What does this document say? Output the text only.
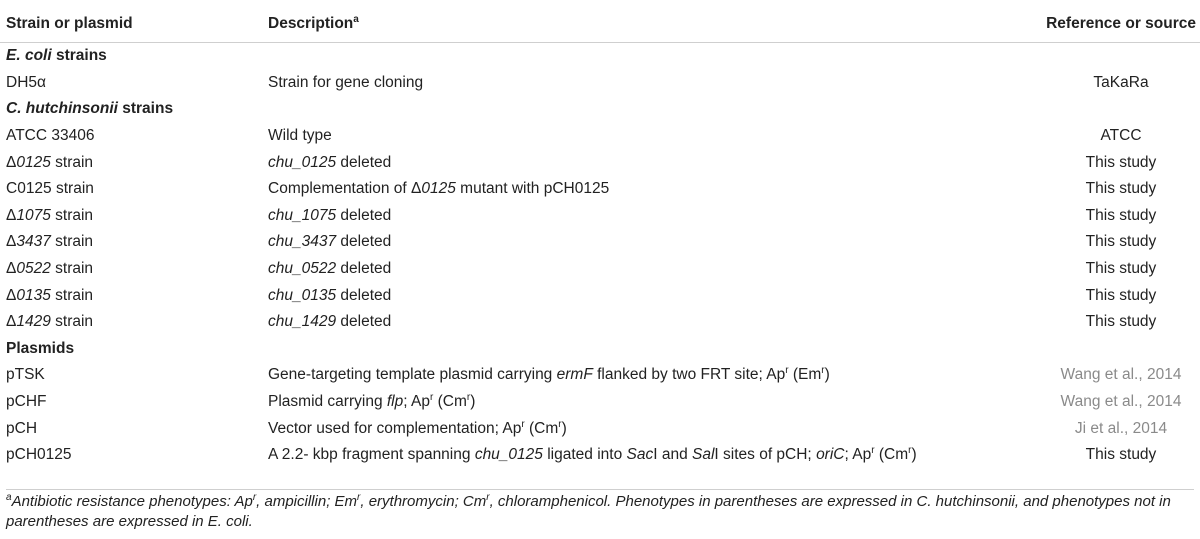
Strain or plasmid	Description$^a$	Reference or source
E. coli strains		
DH5α	Strain for gene cloning	TaKaRa
C. hutchinsonii strains		
ATCC 33406	Wild type	ATCC
Δ0125 strain	chu_0125 deleted	This study
C0125 strain	Complementation of Δ0125 mutant with pCH0125	This study
Δ1075 strain	chu_1075 deleted	This study
Δ3437 strain	chu_3437 deleted	This study
Δ0522 strain	chu_0522 deleted	This study
Δ0135 strain	chu_0135 deleted	This study
Δ1429 strain	chu_1429 deleted	This study
Plasmids		
pTSK	Gene-targeting template plasmid carrying ermF flanked by two FRT site; Ap$^r$ (Em$^r$)	Wang et al., 2014
pCHF	Plasmid carrying flp; Ap$^r$ (Cm$^r$)	Wang et al., 2014
pCH	Vector used for complementation; Ap$^r$ (Cm$^r$)	Ji et al., 2014
pCH0125	A 2.2- kbp fragment spanning chu_0125 ligated into SacI and SalI sites of pCH; oriC; Ap$^r$ (Cm$^r$)	This study
$^a$Antibiotic resistance phenotypes: Ap$^r$, ampicillin; Em$^r$, erythromycin; Cm$^r$, chloramphenicol. Phenotypes in parentheses are expressed in C. hutchinsonii, and phenotypes not in parentheses are expressed in E. coli.
